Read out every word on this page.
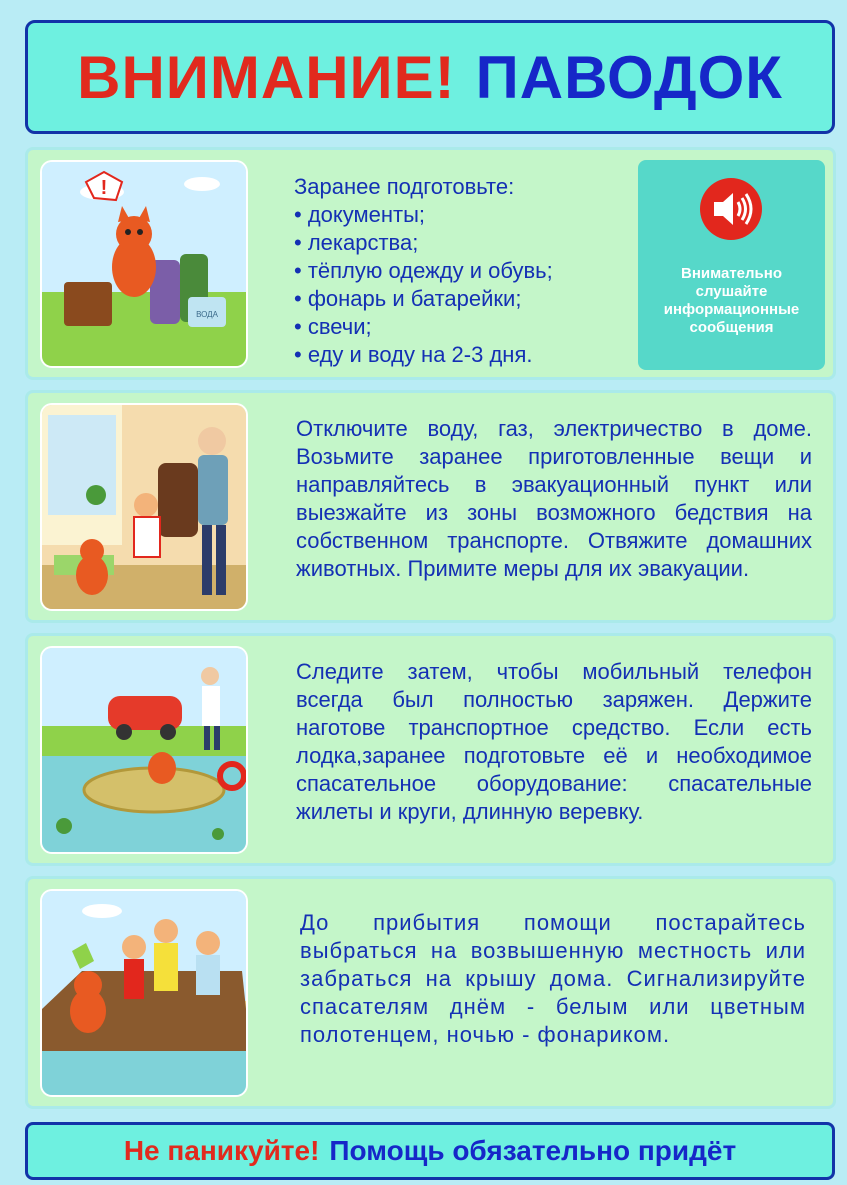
ВНИМАНИЕ! ПАВОДОК
ВОДА
!	Заранее подготовьте:
• документы;
• лекарства;
• тёплую одежду и обувь;
• фонарь и батарейки;
• свечи;
• еду и воду на 2-3 дня.
Внимательно слушайте информационные сообщения
Отключите воду, газ, электричество в доме. Возьмите заранее приготовленные вещи и направляйтесь в эвакуационный пункт или выезжайте из зоны возможного бедствия на собственном транспорте. Отвяжите домашних животных. Примите меры для их эвакуации.
Следите затем, чтобы мобильный телефон всегда был полностью заряжен. Держите наготове транспортное средство. Если есть лодка,заранее подготовьте её и необходимое спасательное оборудование: спасательные жилеты и круги, длинную веревку.
До прибытия помощи постарайтесь выбраться на возвышенную местность или забраться на крышу дома. Сигнализируйте спасателям днём - белым или цветным полотенцем, ночью - фонариком.
Не паникуйте! Помощь обязательно придёт
